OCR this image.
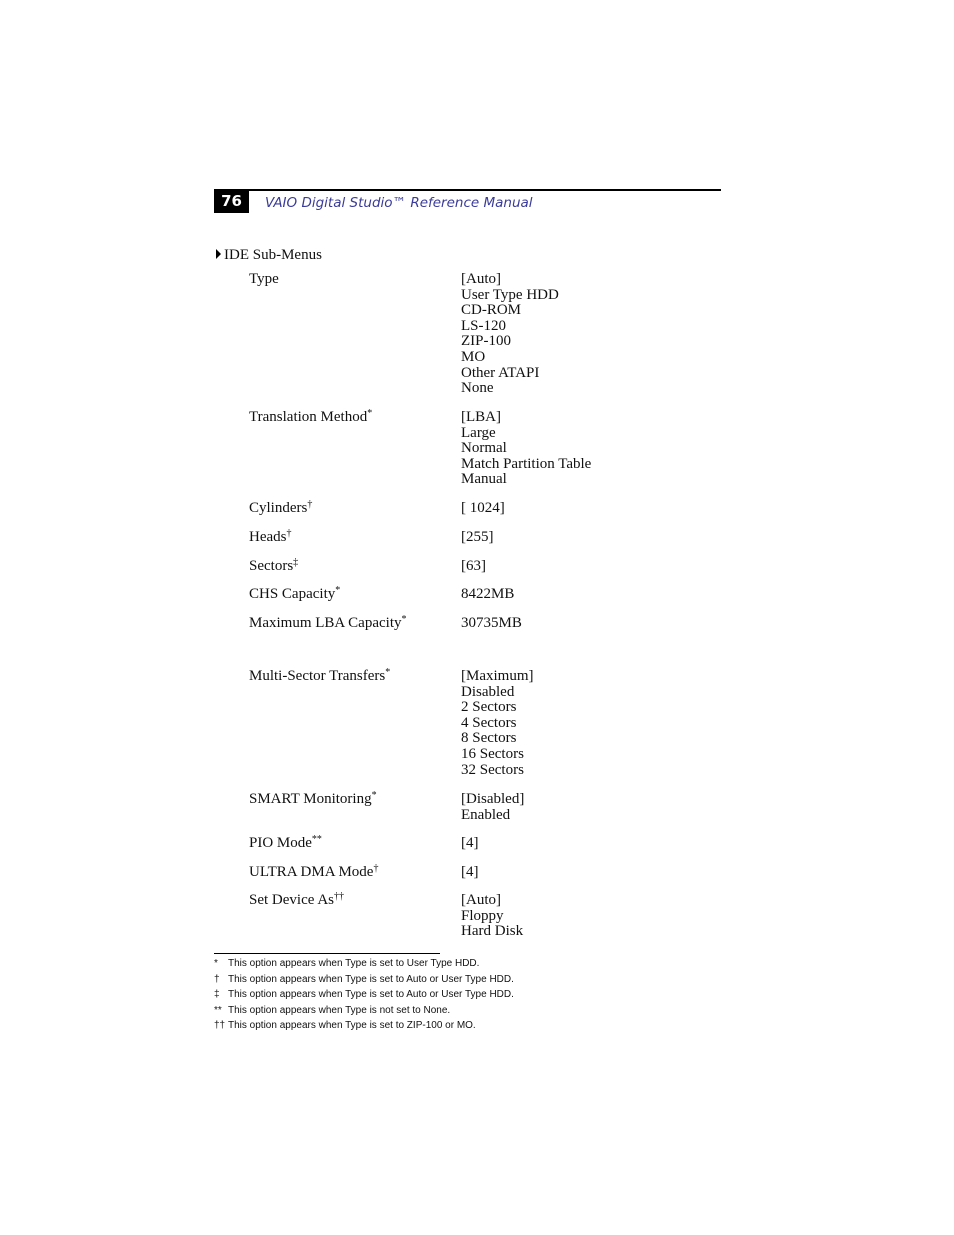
76	VAIO Digital Studio™ Reference Manual
IDE Sub-Menus
Type	[Auto]
User Type HDD
CD-ROM
LS-120
ZIP-100
MO
Other ATAPI
None
Translation Method*	[LBA]
Large
Normal
Match Partition Table
Manual
Cylinders†	[ 1024]
Heads†	[255]
Sectors‡	[63]
CHS Capacity*	8422MB
Maximum LBA Capacity*	30735MB
Multi-Sector Transfers*	[Maximum]
Disabled
2 Sectors
4 Sectors
8 Sectors
16 Sectors
32 Sectors
SMART Monitoring*	[Disabled]
Enabled
PIO Mode**	[4]
ULTRA DMA Mode†	[4]
Set Device As††	[Auto]
Floppy
Hard Disk
* This option appears when Type is set to User Type HDD.
† This option appears when Type is set to Auto or User Type HDD.
‡ This option appears when Type is set to Auto or User Type HDD.
** This option appears when Type is not set to None.
†† This option appears when Type is set to ZIP-100 or MO.
